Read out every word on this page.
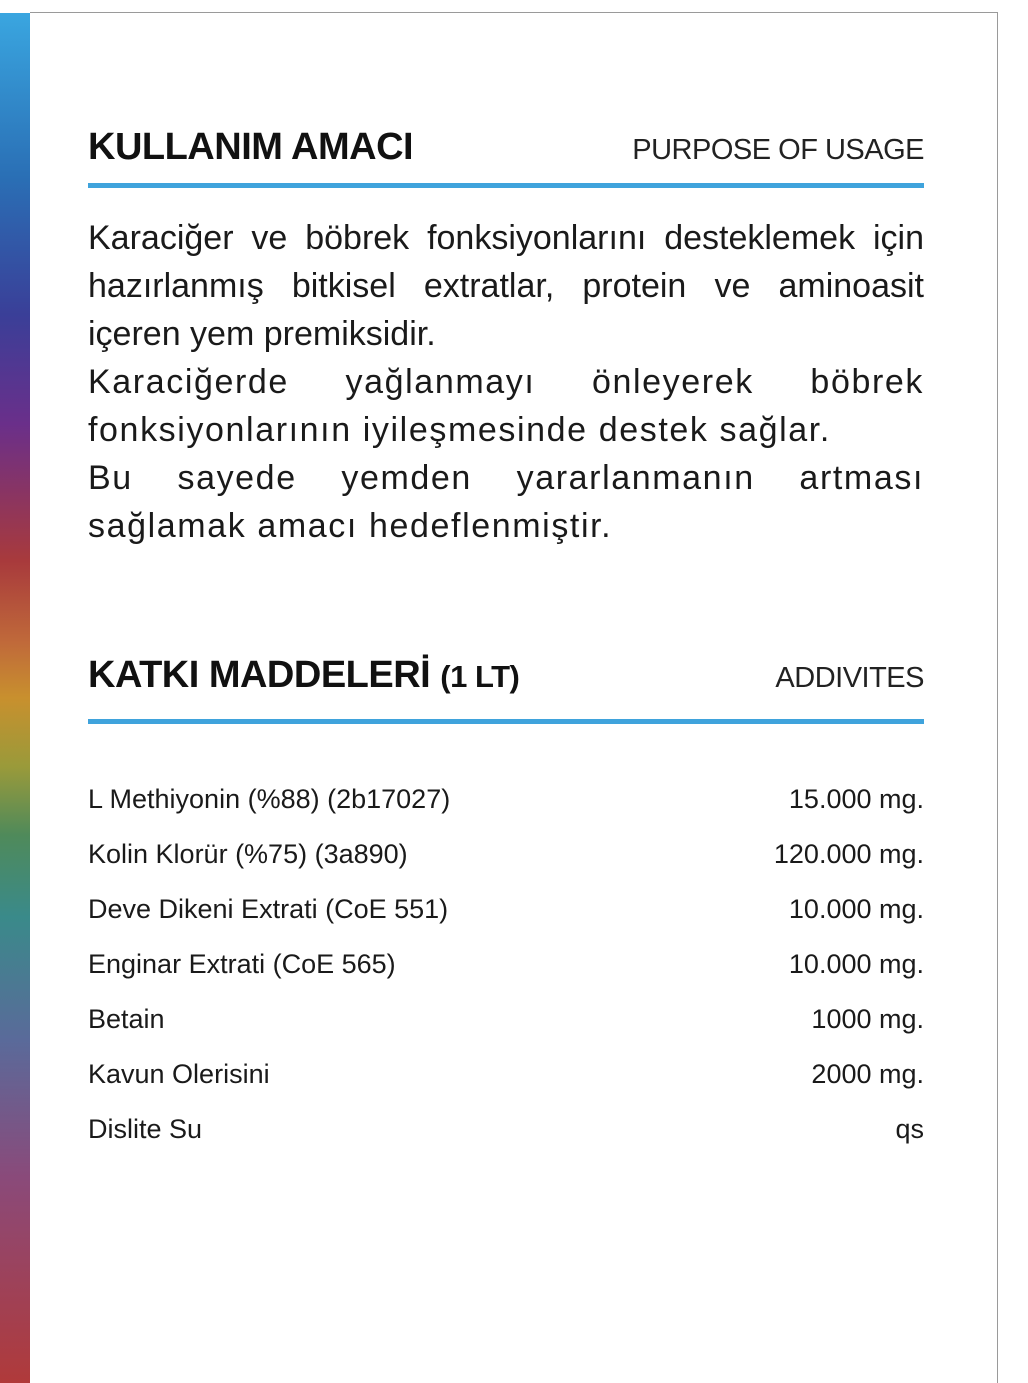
KULLANIM AMACI	PURPOSE OF USAGE

Karaciğer ve böbrek fonksiyonlarını desteklemek için hazırlanmış bitkisel extratlar, protein ve aminoasit içeren yem premiksidir.

Karaciğerde yağlanmayı önleyerek böbrek fonksiyonlarının iyileşmesinde destek sağlar.

Bu sayede yemden yararlanmanın artması sağlamak amacı hedeflenmiştir.

KATKI MADDELERİ (1 LT)	ADDIVITES
L Methiyonin (%88) (2b17027)	15.000 mg.
Kolin Klorür (%75) (3a890)	120.000 mg.
Deve Dikeni Extrati (CoE 551)	10.000 mg.
Enginar Extrati (CoE 565)	10.000 mg.
Betain	1000 mg.
Kavun Olerisini	2000 mg.
Dislite Su	qs
